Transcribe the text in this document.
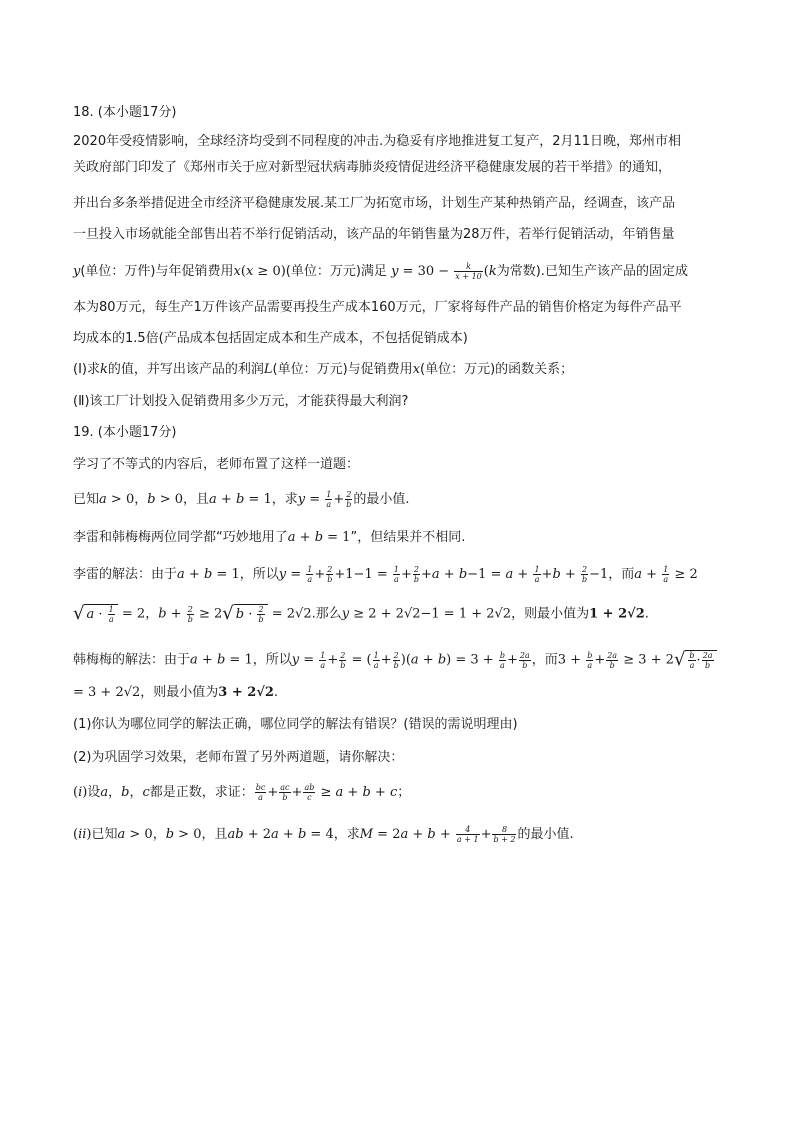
18. (本小题17分)
2020年受疫情影响，全球经济均受到不同程度的冲击.为稳妥有序地推进复工复产，2月11日晚，郑州市相
关政府部门印发了《郑州市关于应对新型冠状病毒肺炎疫情促进经济平稳健康发展的若干举措》的通知，
并出台多条举措促进全市经济平稳健康发展.某工厂为拓宽市场，计划生产某种热销产品，经调查，该产品
一旦投入市场就能全部售出若不举行促销活动，该产品的年销售量为28万件，若举行促销活动，年销售量
y(单位：万件)与年促销费用x(x ≥ 0)(单位：万元)满足 $y = 30 - \frac{k}{x + 10} (k$为常数).已知生产该产品的固定成
本为80万元，每生产1万件该产品需要再投生产成本160万元，厂家将每件产品的销售价格定为每件产品平
均成本的1.5倍(产品成本包括固定成本和生产成本，不包括促销成本)
(Ⅰ)求k的值，并写出该产品的利润L(单位：万元)与促销费用x(单位：万元)的函数关系；
(Ⅱ)该工厂计划投入促销费用多少万元，才能获得最大利润?
19. (本小题17分)
学习了不等式的内容后，老师布置了这样一道题：
已知a > 0，b > 0，且a + b = 1，求$y = \frac{1}{a} + \frac{2}{b}$ 的最小值.
李雷和韩梅梅两位同学都“巧妙地用了a + b = 1”，但结果并不相同.
李雷的解法：由于a + b = 1，所以$y = \frac{1}{a} + \frac{2}{b} +1-1 = \frac{1}{a} + \frac{2}{b} +a + b-1 = a + \frac{1}{a} +b + \frac{2}{b} -1$，而$a + \frac{1}{a} \ge 2$
√ $a \cdot \frac{1}{a} = 2$，$b + \frac{2}{b} \ge 2√$ $b \cdot \frac{2}{b} = 2√2$.那么y ≥ 2 + 2√2−1 = 1 + 2√2，则最小值为1 + 2√2.
韩梅梅的解法：由于a + b = 1，所以$y = \frac{1}{a} + \frac{2}{b}$ = ( $\frac{1}{a} + \frac{2}{b} )(a + b) = 3 + \frac{b}{a} + \frac{2a}{b}$ ，而$3 + \frac{b}{a} + \frac{2a}{b} \ge 3 + 2√ \frac{b}{a} \cdot \frac{2a}{b}$
= 3 + 2√2，则最小值为3 + 2√2.
(1)你认为哪位同学的解法正确，哪位同学的解法有错误？(错误的需说明理由)
(2)为巩固学习效果，老师布置了另外两道题，请你解决：
(i)设a，b，c都是正数，求证： $\frac{bc}{a} + \frac{ac}{b} + \frac{ab}{c} \ge a + b + c$；
(ii)已知a > 0，b > 0，且ab + 2a + b = 4，求$M = 2a + b + \frac{4}{a + 1} + \frac{8}{b + 2}$ 的最小值.
